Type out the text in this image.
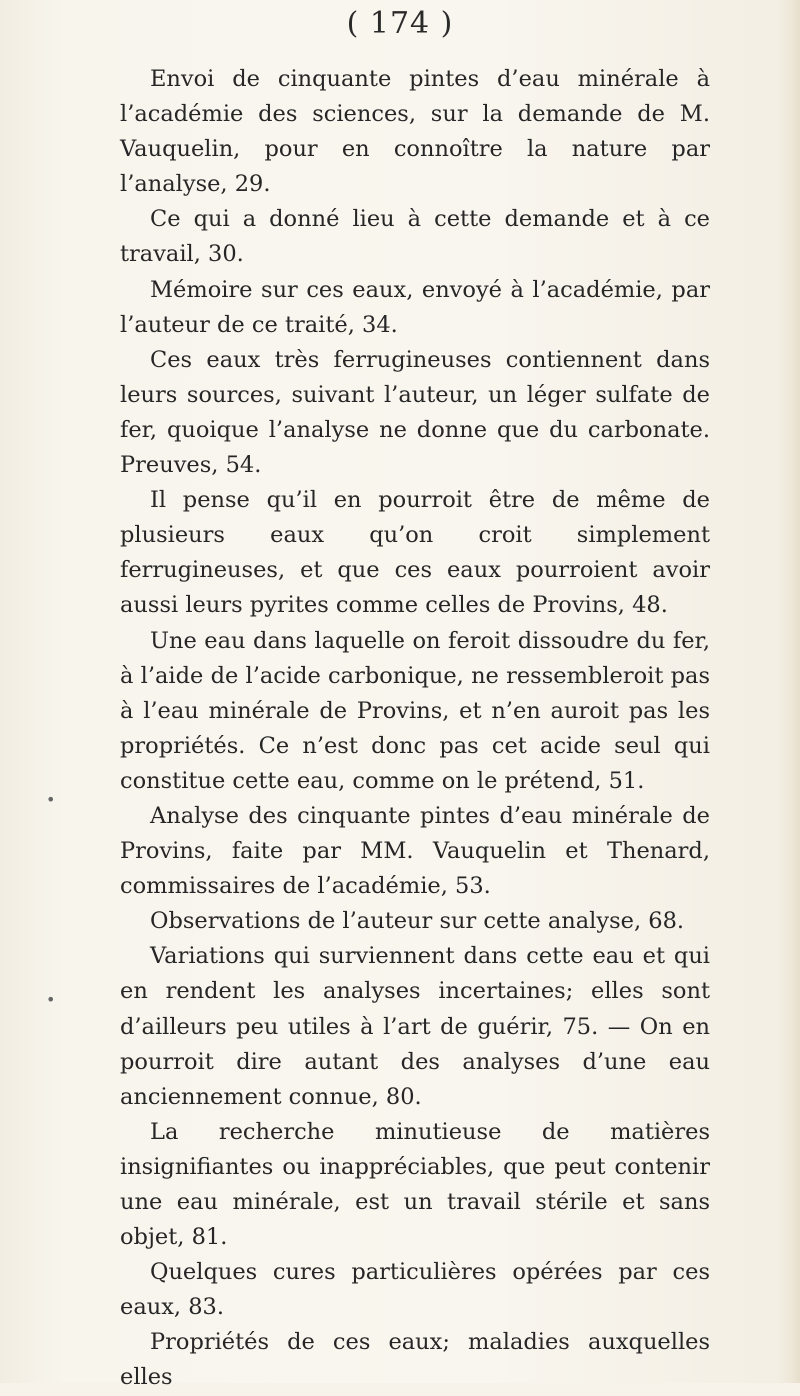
( 174 )
•
•

Envoi de cinquante pintes d’eau minérale à l’académie des sciences, sur la demande de M. Vauquelin, pour en connoître la nature par l’analyse, 29.

Ce qui a donné lieu à cette demande et à ce travail, 30.

Mémoire sur ces eaux, envoyé à l’académie, par l’auteur de ce traité, 34.

Ces eaux très ferrugineuses contiennent dans leurs sources, suivant l’auteur, un léger sulfate de fer, quoique l’analyse ne donne que du carbonate. Preuves, 54.

Il pense qu’il en pourroit être de même de plusieurs eaux qu’on croit simplement ferrugineuses, et que ces eaux pourroient avoir aussi leurs pyrites comme celles de Provins, 48.

Une eau dans laquelle on feroit dissoudre du fer, à l’aide de l’acide carbonique, ne ressembleroit pas à l’eau minérale de Provins, et n’en auroit pas les propriétés. Ce n’est donc pas cet acide seul qui constitue cette eau, comme on le prétend, 51.

Analyse des cinquante pintes d’eau minérale de Provins, faite par MM. Vauquelin et Thenard, commissaires de l’académie, 53.

Observations de l’auteur sur cette analyse, 68.

Variations qui surviennent dans cette eau et qui en rendent les analyses incertaines; elles sont d’ailleurs peu utiles à l’art de guérir, 75. — On en pourroit dire autant des analyses d’une eau anciennement connue, 80.

La recherche minutieuse de matières insignifiantes ou inappréciables, que peut contenir une eau minérale, est un travail stérile et sans objet, 81.

Quelques cures particulières opérées par ces eaux, 83.

Propriétés de ces eaux; maladies auxquelles elles
